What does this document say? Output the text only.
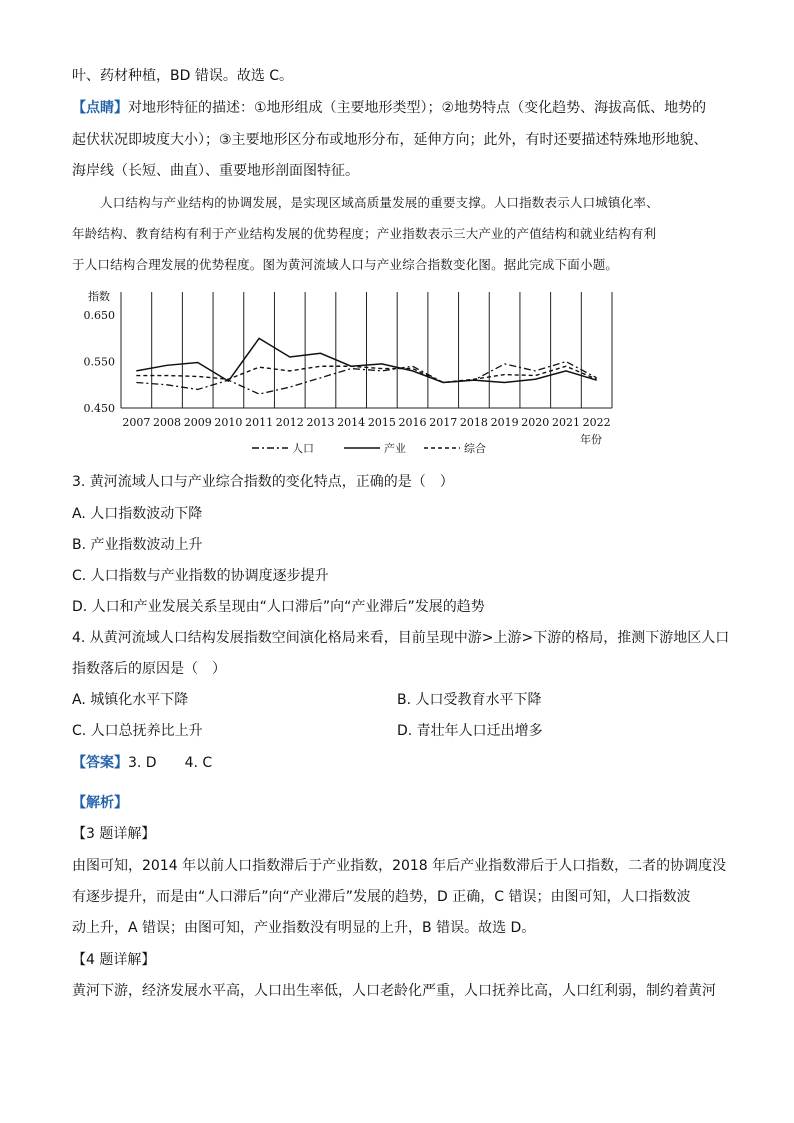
叶、药材种植，BD 错误。故选 C。
【点睛】对地形特征的描述：①地形组成（主要地形类型）；②地势特点（变化趋势、海拔高低、地势的
起伏状况即坡度大小）；③主要地形区分布或地形分布，延伸方向；此外，有时还要描述特殊地形地貌、
海岸线（长短、曲直）、重要地形剖面图特征。
人口结构与产业结构的协调发展，是实现区域高质量发展的重要支撑。人口指数表示人口城镇化率、
年龄结构、教育结构有利于产业结构发展的优势程度；产业指数表示三大产业的产值结构和就业结构有利
于人口结构合理发展的优势程度。图为黄河流域人口与产业综合指数变化图。据此完成下面小题。
指数
0.650
0.550
0.450
2007 2008 2009 2010 2011 2012 2013 2014 2015 2016 2017 2018 2019 2020 2021 2022
年份
人口	产业	综合
3. 黄河流域人口与产业综合指数的变化特点，正确的是（　）
A. 人口指数波动下降
B. 产业指数波动上升
C. 人口指数与产业指数的协调度逐步提升
D. 人口和产业发展关系呈现由“人口滞后”向“产业滞后”发展的趋势
4. 从黄河流域人口结构发展指数空间演化格局来看，目前呈现中游>上游>下游的格局，推测下游地区人口
指数落后的原因是（　）
A. 城镇化水平下降	B. 人口受教育水平下降
C. 人口总抚养比上升	D. 青壮年人口迁出增多
【答案】3. D　　4. C
【解析】
【3 题详解】
由图可知，2014 年以前人口指数滞后于产业指数，2018 年后产业指数滞后于人口指数，二者的协调度没
有逐步提升，而是由“人口滞后”向“产业滞后”发展的趋势，D 正确，C 错误；由图可知，人口指数波
动上升，A 错误；由图可知，产业指数没有明显的上升，B 错误。故选 D。
【4 题详解】
黄河下游，经济发展水平高，人口出生率低，人口老龄化严重，人口抚养比高，人口红利弱，制约着黄河
